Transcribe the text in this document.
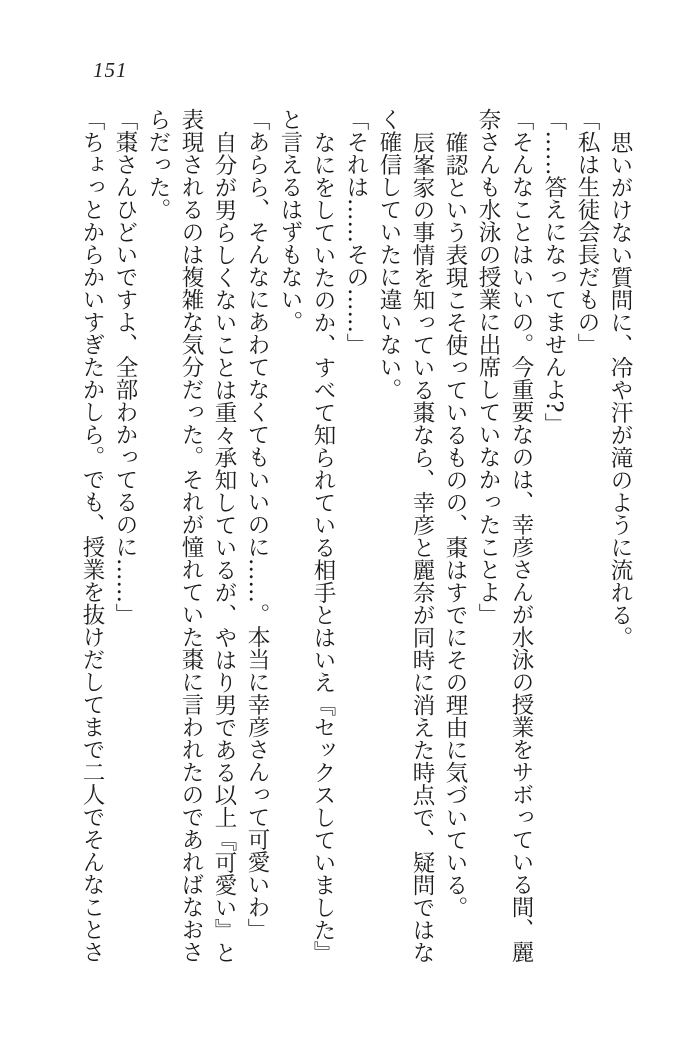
151

思いがけない質問に、冷や汗が滝のように流れる。

「私は生徒会長だもの」

「……答えになってませんよ?」

「そんなことはいいの。今重要なのは、幸彦さんが水泳の授業をサボっている間、麗奈さんも水泳の授業に出席していなかったことよ」

確認という表現こそ使っているものの、棗はすでにその理由に気づいている。

辰峯家の事情を知っている棗なら、幸彦と麗奈が同時に消えた時点で、疑問ではなく確信していたに違いない。

「それは……その……」

なにをしていたのか、すべて知られている相手とはいえ『セックスしていました』と言えるはずもない。

「あらら、そんなにあわてなくてもいいのに……。本当に幸彦さんって可愛いわ」

自分が男らしくないことは重々承知しているが、やはり男である以上『可愛い』と表現されるのは複雑な気分だった。それが憧れていた棗に言われたのであればなおさらだった。

「棗さんひどいですよ、全部わかってるのに……」

「ちょっとからかいすぎたかしら。でも、授業を抜けだしてまで二人でそんなことさ
